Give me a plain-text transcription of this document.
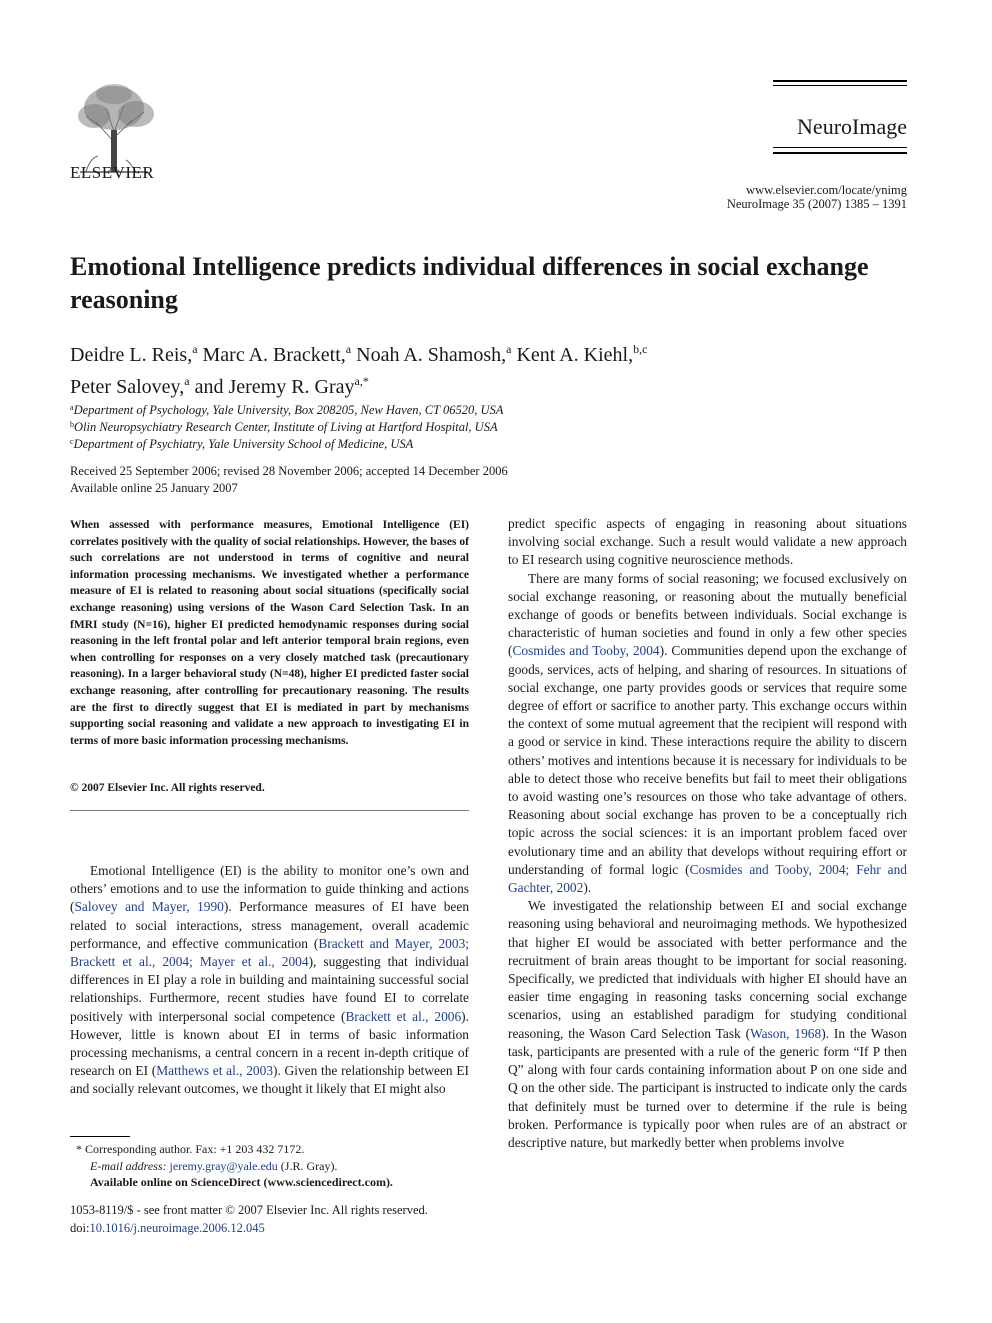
ELSEVIER
NeuroImage
www.elsevier.com/locate/ynimg
NeuroImage 35 (2007) 1385 – 1391
Emotional Intelligence predicts individual differences in social exchange reasoning
Deidre L. Reis,$^a$ Marc A. Brackett,$^a$ Noah A. Shamosh,$^a$ Kent A. Kiehl,$^{b,c}$
Peter Salovey,$^a$ and Jeremy R. Gray$^{a,*}$
$^a$Department of Psychology, Yale University, Box 208205, New Haven, CT 06520, USA
$^b$Olin Neuropsychiatry Research Center, Institute of Living at Hartford Hospital, USA
$^c$Department of Psychiatry, Yale University School of Medicine, USA
Received 25 September 2006; revised 28 November 2006; accepted 14 December 2006
Available online 25 January 2007
When assessed with performance measures, Emotional Intelligence (EI) correlates positively with the quality of social relationships. However, the bases of such correlations are not understood in terms of cognitive and neural information processing mechanisms. We investigated whether a performance measure of EI is related to reasoning about social situations (specifically social exchange reasoning) using versions of the Wason Card Selection Task. In an fMRI study (N=16), higher EI predicted hemodynamic responses during social reasoning in the left frontal polar and left anterior temporal brain regions, even when controlling for responses on a very closely matched task (precautionary reasoning). In a larger behavioral study (N=48), higher EI predicted faster social exchange reasoning, after controlling for precautionary reasoning. The results are the first to directly suggest that EI is mediated in part by mechanisms supporting social reasoning and validate a new approach to investigating EI in terms of more basic information processing mechanisms.
© 2007 Elsevier Inc. All rights reserved.

Emotional Intelligence (EI) is the ability to monitor one’s own and others’ emotions and to use the information to guide thinking and actions (Salovey and Mayer, 1990). Performance measures of EI have been related to social interactions, stress management, overall academic performance, and effective communication (Brackett and Mayer, 2003; Brackett et al., 2004; Mayer et al., 2004), suggesting that individual differences in EI play a role in building and maintaining successful social relationships. Furthermore, recent studies have found EI to correlate positively with interpersonal social competence (Brackett et al., 2006). However, little is known about EI in terms of basic information processing mechanisms, a central concern in a recent in-depth critique of research on EI (Matthews et al., 2003). Given the relationship between EI and socially relevant outcomes, we thought it likely that EI might also

predict specific aspects of engaging in reasoning about situations involving social exchange. Such a result would validate a new approach to EI research using cognitive neuroscience methods.

There are many forms of social reasoning; we focused exclusively on social exchange reasoning, or reasoning about the mutually beneficial exchange of goods or benefits between individuals. Social exchange is characteristic of human societies and found in only a few other species (Cosmides and Tooby, 2004). Communities depend upon the exchange of goods, services, acts of helping, and sharing of resources. In situations of social exchange, one party provides goods or services that require some degree of effort or sacrifice to another party. This exchange occurs within the context of some mutual agreement that the recipient will respond with a good or service in kind. These interactions require the ability to discern others’ motives and intentions because it is necessary for individuals to be able to detect those who receive benefits but fail to meet their obligations to avoid wasting one’s resources on those who take advantage of others. Reasoning about social exchange has proven to be a conceptually rich topic across the social sciences: it is an important problem faced over evolutionary time and an ability that develops without requiring effort or understanding of formal logic (Cosmides and Tooby, 2004; Fehr and Gachter, 2002).

We investigated the relationship between EI and social exchange reasoning using behavioral and neuroimaging methods. We hypothesized that higher EI would be associated with better performance and the recruitment of brain areas thought to be important for social reasoning. Specifically, we predicted that individuals with higher EI should have an easier time engaging in reasoning tasks concerning social exchange scenarios, using an established paradigm for studying conditional reasoning, the Wason Card Selection Task (Wason, 1968). In the Wason task, participants are presented with a rule of the generic form “If P then Q” along with four cards containing information about P on one side and Q on the other side. The participant is instructed to indicate only the cards that definitely must be turned over to determine if the rule is being broken. Performance is typically poor when rules are of an abstract or descriptive nature, but markedly better when problems involve

* Corresponding author. Fax: +1 203 432 7172.
E-mail address: jeremy.gray@yale.edu (J.R. Gray).
Available online on ScienceDirect (www.sciencedirect.com).
1053-8119/$ - see front matter © 2007 Elsevier Inc. All rights reserved.
doi:10.1016/j.neuroimage.2006.12.045
